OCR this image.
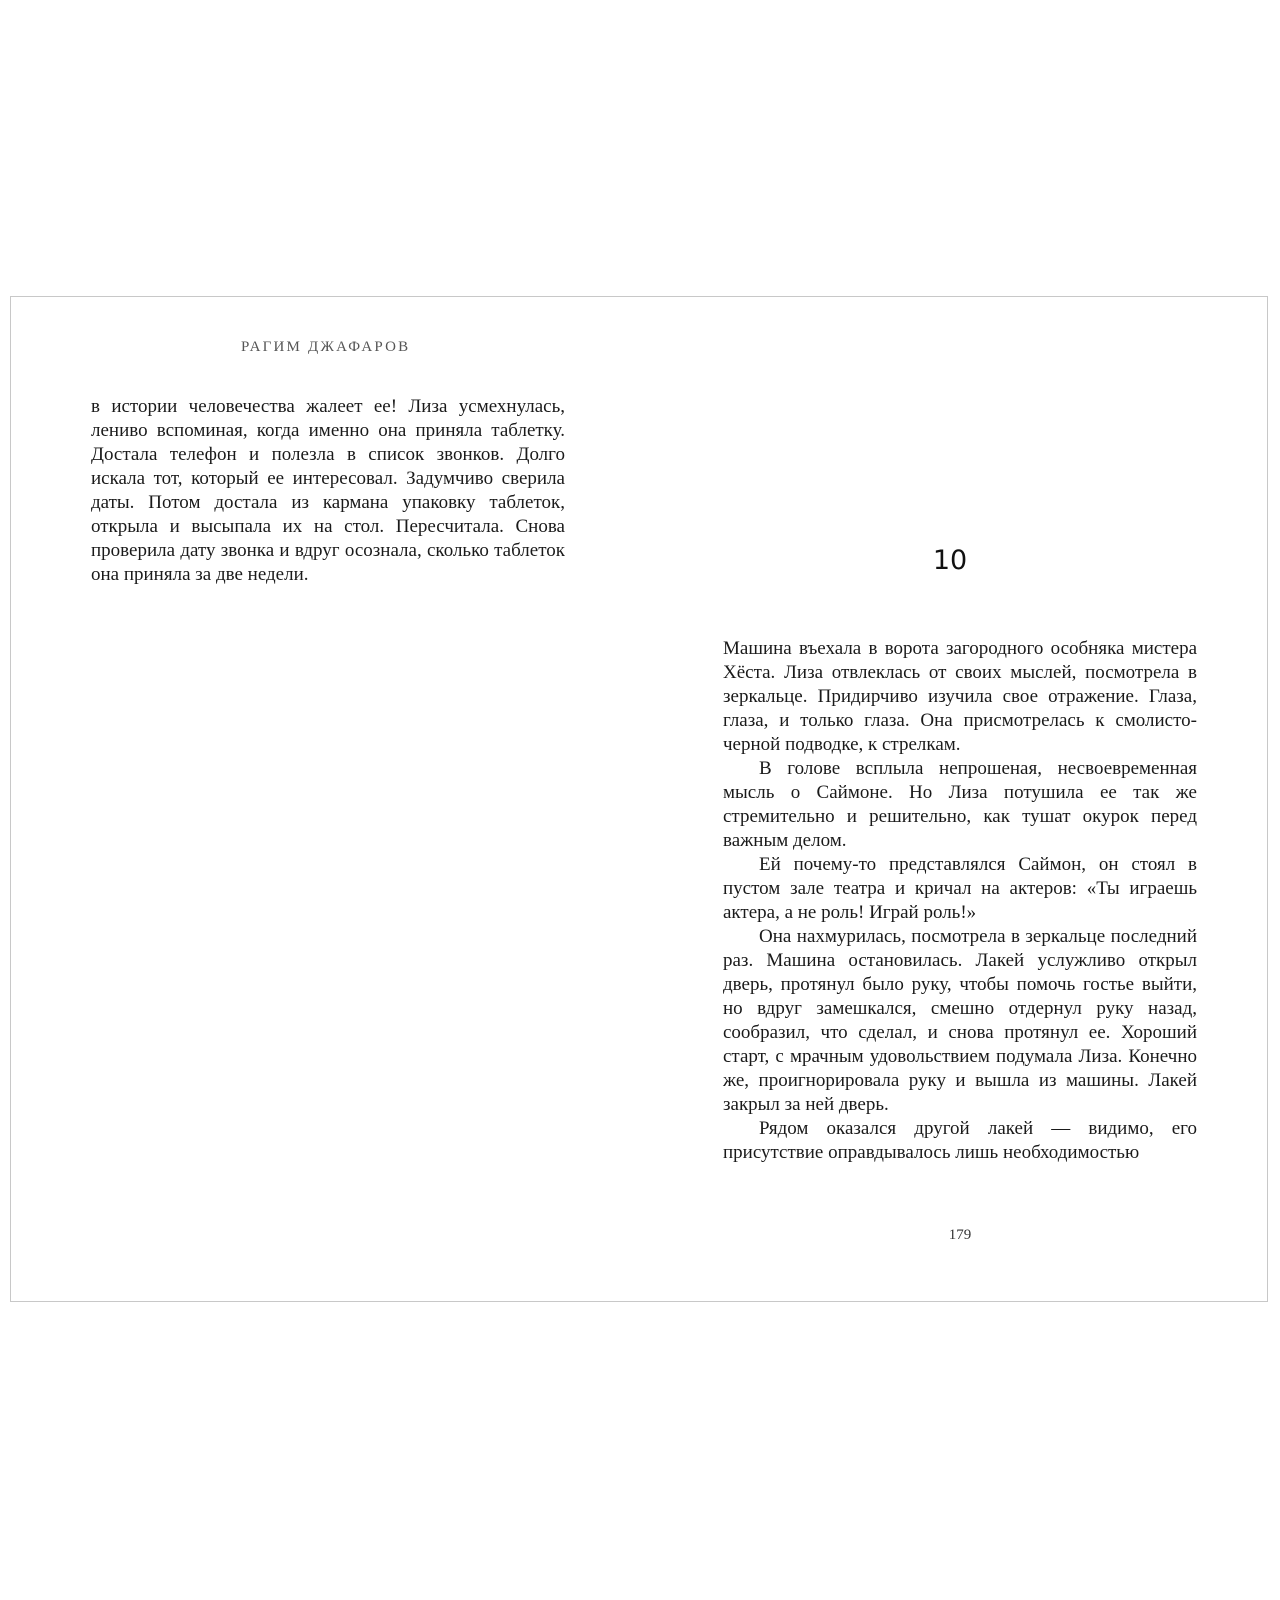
РАГИМ ДЖАФАРОВ

в истории человечества жалеет ее! Лиза усмехнулась, лениво вспоминая, когда именно она приняла таблетку. Достала телефон и полезла в список звонков. Долго искала тот, который ее интересовал. Задумчиво сверила даты. Потом достала из кармана упаковку таблеток, открыла и высыпала их на стол. Пересчитала. Снова проверила дату звонка и вдруг осознала, сколько таблеток она приняла за две недели.	10

Машина въехала в ворота загородного особняка мистера Хёста. Лиза отвлеклась от своих мыслей, посмотрела в зеркальце. Придирчиво изучила свое отражение. Глаза, глаза, и только глаза. Она присмотрелась к смолисто-черной подводке, к стрелкам.

В голове всплыла непрошеная, несвоевременная мысль о Саймоне. Но Лиза потушила ее так же стремительно и решительно, как тушат окурок перед важным делом.

Ей почему-то представлялся Саймон, он стоял в пустом зале театра и кричал на актеров: «Ты играешь актера, а не роль! Играй роль!»

Она нахмурилась, посмотрела в зеркальце последний раз. Машина остановилась. Лакей услужливо открыл дверь, протянул было руку, чтобы помочь гостье выйти, но вдруг замешкался, смешно отдернул руку назад, сообразил, что сделал, и снова протянул ее. Хороший старт, с мрачным удовольствием подумала Лиза. Конечно же, проигнорировала руку и вышла из машины. Лакей закрыл за ней дверь.

Рядом оказался другой лакей — видимо, его присутствие оправдывалось лишь необходимостью

179
